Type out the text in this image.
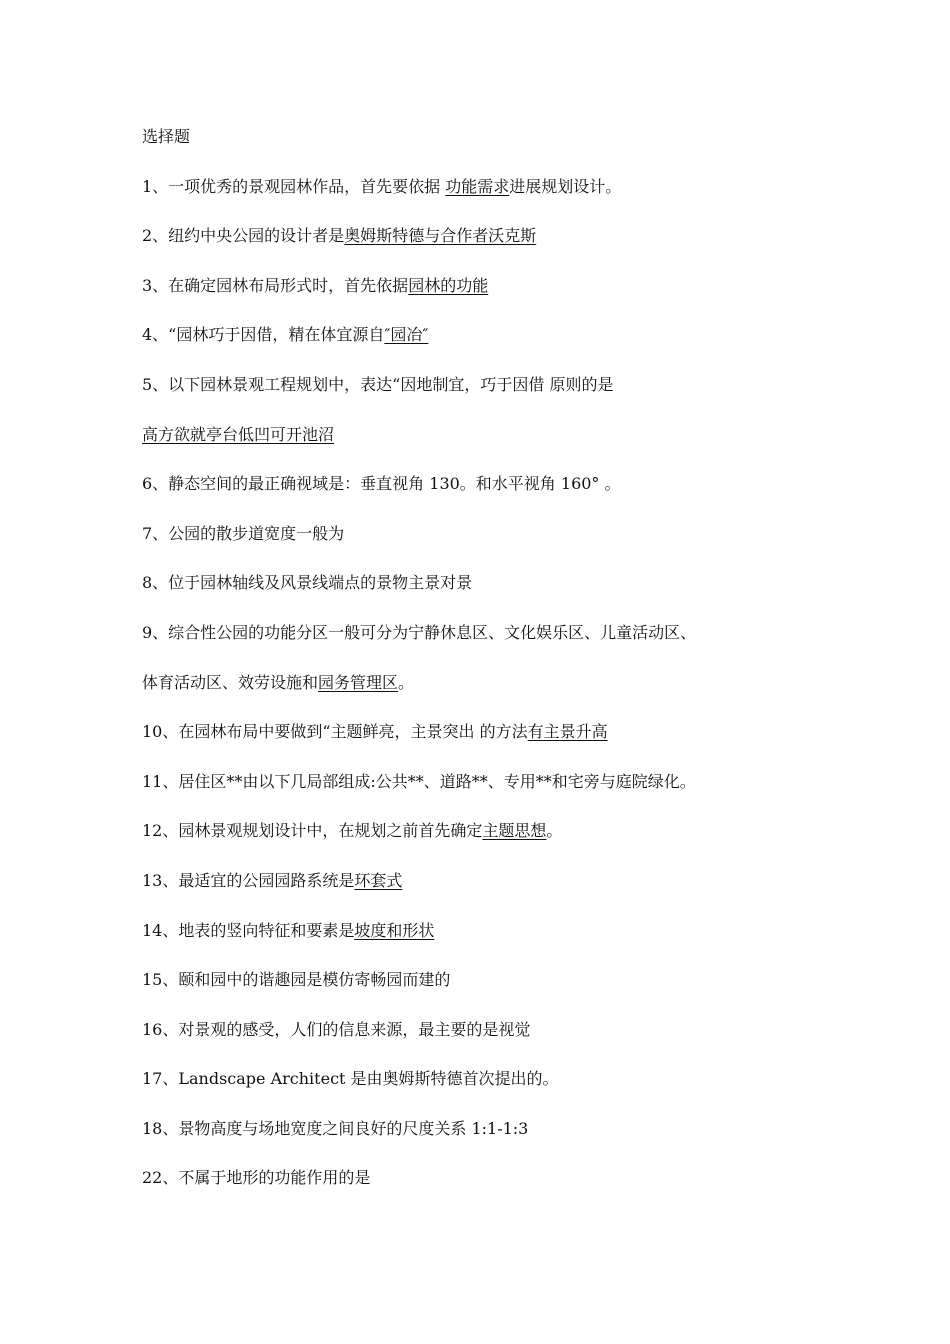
选择题
1、一项优秀的景观园林作品，首先要依据 功能需求进展规划设计。
2、纽约中央公园的设计者是奥姆斯特德与合作者沃克斯
3、在确定园林布局形式时，首先依据园林的功能
4、“园林巧于因借，精在体宜源自″园冶″
5、以下园林景观工程规划中，表达“因地制宜，巧于因借 原则的是
高方欲就亭台低凹可开池沼
6、静态空间的最正确视域是：垂直视角 130。和水平视角 160° 。
7、公园的散步道宽度一般为
8、位于园林轴线及风景线端点的景物主景对景
9、综合性公园的功能分区一般可分为宁静休息区、文化娱乐区、儿童活动区、
体育活动区、效劳设施和园务管理区。
10、在园林布局中要做到“主题鲜亮，主景突出 的方法有主景升高
11、居住区**由以下几局部组成:公共**、道路**、专用**和宅旁与庭院绿化。
12、园林景观规划设计中，在规划之前首先确定主题思想。
13、最适宜的公园园路系统是环套式
14、地表的竖向特征和要素是坡度和形状
15、颐和园中的谐趣园是模仿寄畅园而建的
16、对景观的感受，人们的信息来源，最主要的是视觉
17、Landscape Architect 是由奥姆斯特德首次提出的。
18、景物高度与场地宽度之间良好的尺度关系 1:1-1:3
22、不属于地形的功能作用的是
